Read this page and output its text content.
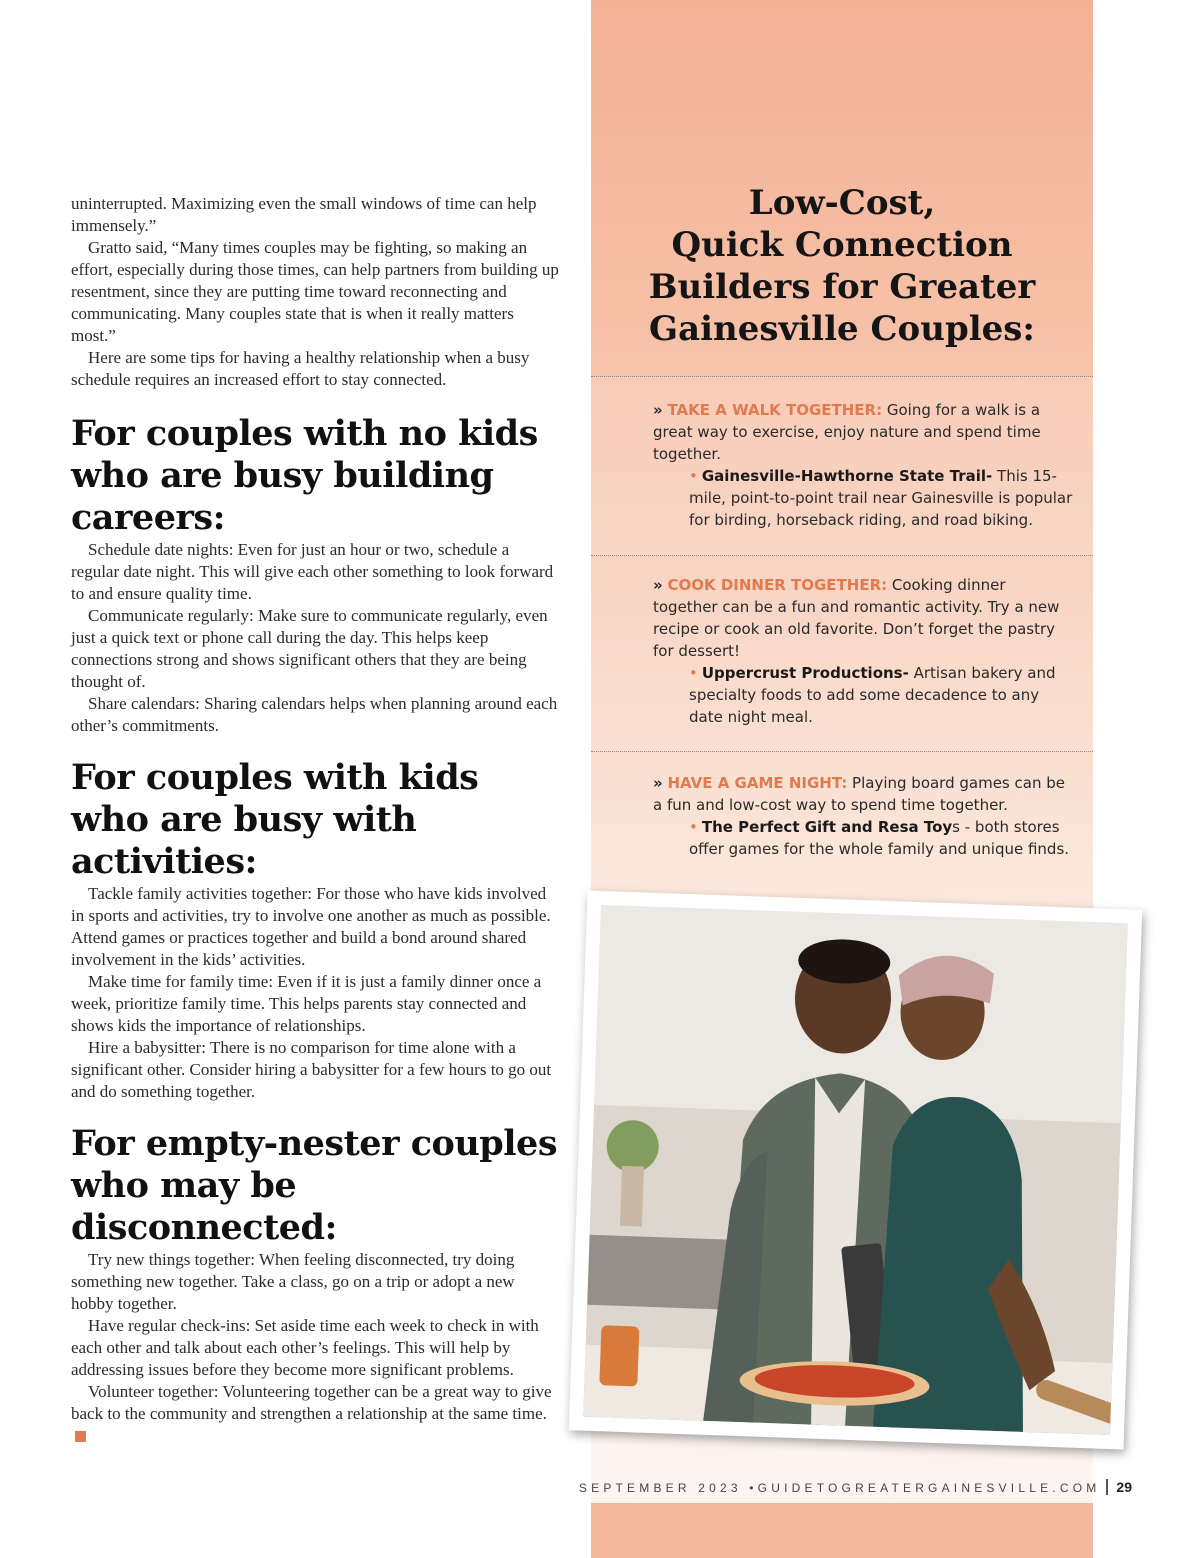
uninterrupted. Maximizing even the small windows of time can help immensely.”

Gratto said, “Many times couples may be fighting, so making an effort, especially during those times, can help partners from building up resentment, since they are putting time toward reconnecting and communicating. Many couples state that is when it really matters most.”

Here are some tips for having a healthy relationship when a busy schedule requires an increased effort to stay connected.

For couples with no kids who are busy building careers:

Schedule date nights: Even for just an hour or two, schedule a regular date night. This will give each other something to look forward to and ensure quality time.

Communicate regularly: Make sure to communicate regularly, even just a quick text or phone call during the day. This helps keep connections strong and shows significant others that they are being thought of.

Share calendars: Sharing calendars helps when planning around each other’s commitments.

For couples with kids who are busy with activities:

Tackle family activities together: For those who have kids involved in sports and activities, try to involve one another as much as possible. Attend games or practices together and build a bond around shared involvement in the kids’ activities.

Make time for family time: Even if it is just a family dinner once a week, prioritize family time. This helps parents stay connected and shows kids the importance of relationships.

Hire a babysitter: There is no comparison for time alone with a significant other. Consider hiring a babysitter for a few hours to go out and do something together.

For empty-nester couples who may be disconnected:

Try new things together: When feeling disconnected, try doing something new together. Take a class, go on a trip or adopt a new hobby together.

Have regular check-ins: Set aside time each week to check in with each other and talk about each other’s feelings. This will help by addressing issues before they become more significant problems.

Volunteer together: Volunteering together can be a great way to give back to the community and strengthen a relationship at the same time.

Low-Cost,
Quick Connection
Builders for Greater
Gainesville Couples:
» TAKE A WALK TOGETHER: Going for a walk is a great way to exercise, enjoy nature and spend time together.
• Gainesville-Hawthorne State Trail- This 15-mile, point-to-point trail near Gainesville is popular for birding, horseback riding, and road biking.
» COOK DINNER TOGETHER: Cooking dinner together can be a fun and romantic activity. Try a new recipe or cook an old favorite. Don’t forget the pastry for dessert!
• Uppercrust Productions- Artisan bakery and specialty foods to add some decadence to any date night meal.
» HAVE A GAME NIGHT: Playing board games can be a fun and low-cost way to spend time together.
• The Perfect Gift and Resa Toys - both stores offer games for the whole family and unique finds.
SEPTEMBER 2023 •GUIDETOGREATERGAINESVILLE.COM 29
